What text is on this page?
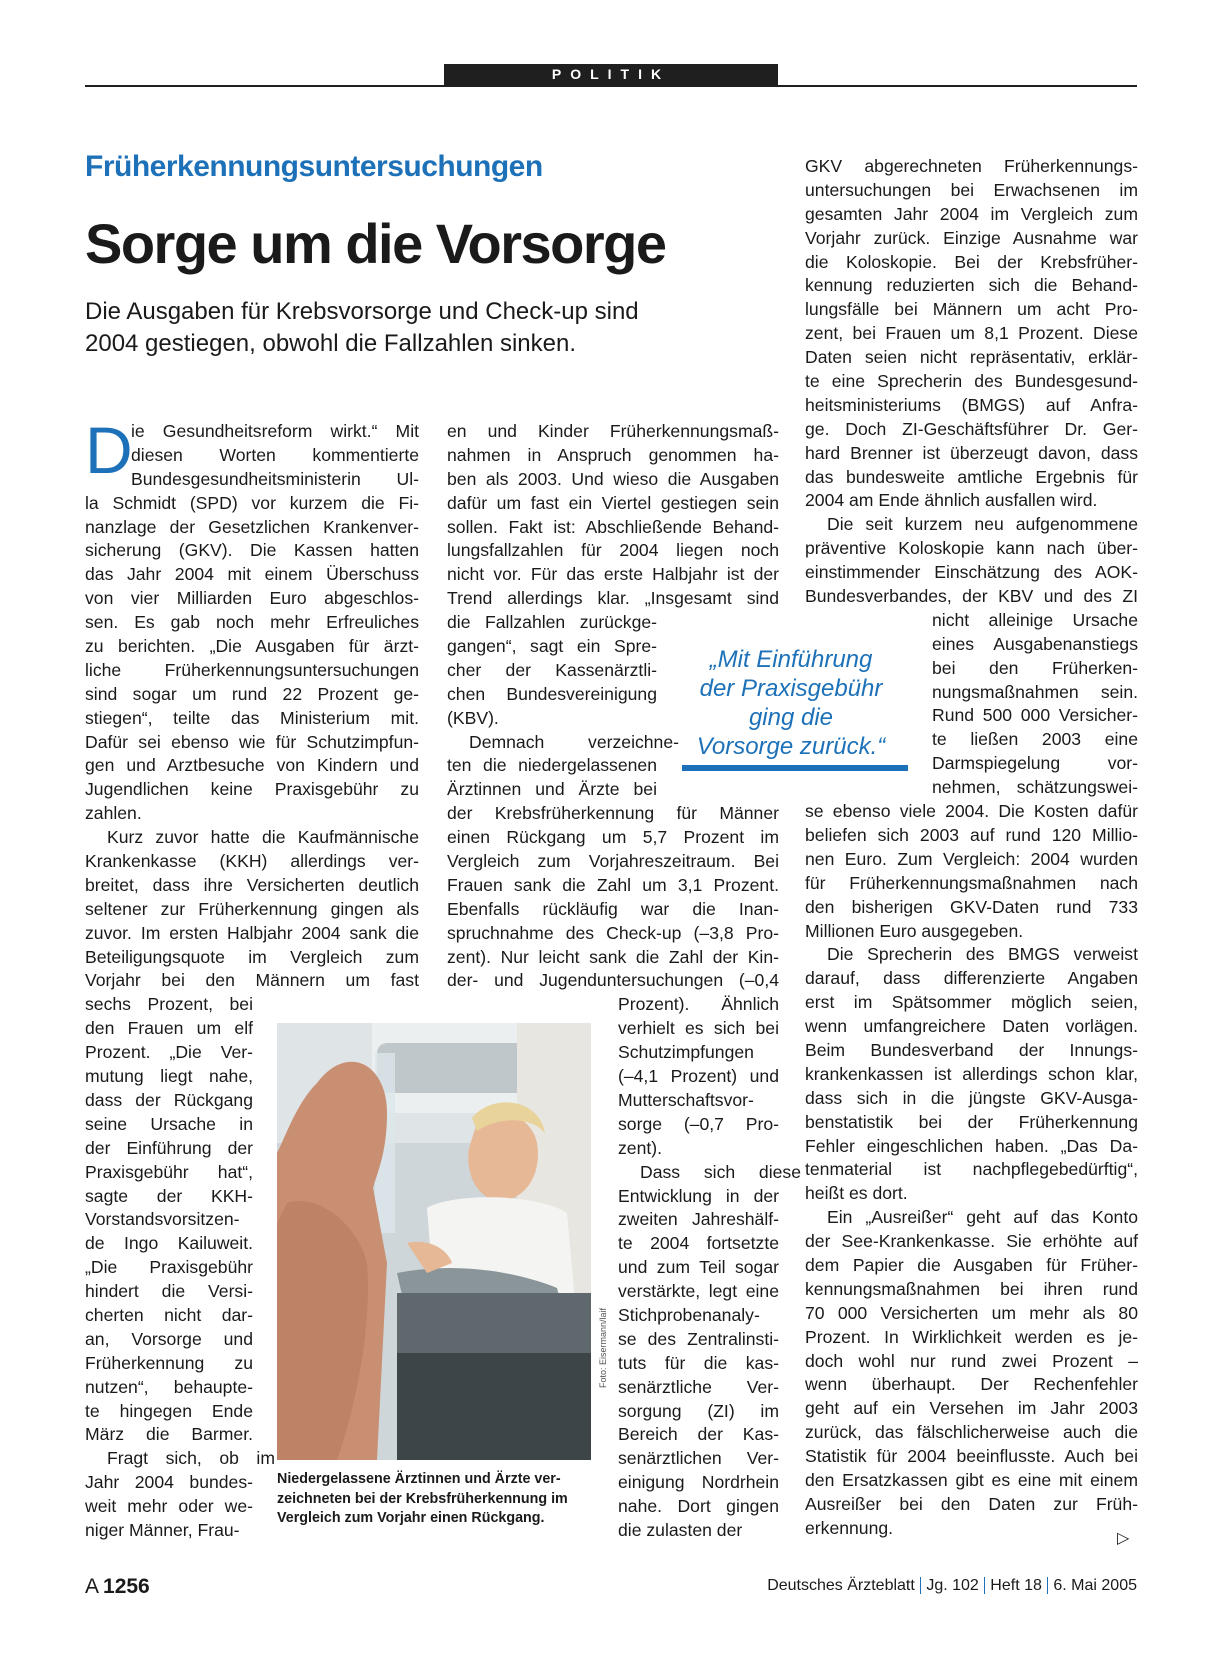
POLITIK
Früherkennungsuntersuchungen
Sorge um die Vorsorge
Die Ausgaben für Krebsvorsorge und Check-up sind
2004 gestiegen, obwohl die Fallzahlen sinken.
D
ie Gesundheitsreform wirkt.“ Mit
diesen Worten kommentierte
Bundesgesundheitsministerin Ul-
la Schmidt (SPD) vor kurzem die Fi-
nanzlage der Gesetzlichen Krankenver-
sicherung (GKV). Die Kassen hatten
das Jahr 2004 mit einem Überschuss
von vier Milliarden Euro abgeschlos-
sen. Es gab noch mehr Erfreuliches
zu berichten. „Die Ausgaben für ärzt-
liche Früherkennungsuntersuchungen
sind sogar um rund 22 Prozent ge-
stiegen“, teilte das Ministerium mit.
Dafür sei ebenso wie für Schutzimpfun-
gen und Arztbesuche von Kindern und
Jugendlichen keine Praxisgebühr zu
zahlen.
Kurz zuvor hatte die Kaufmännische
Krankenkasse (KKH) allerdings ver-
breitet, dass ihre Versicherten deutlich
seltener zur Früherkennung gingen als
zuvor. Im ersten Halbjahr 2004 sank die
Beteiligungsquote im Vergleich zum
Vorjahr bei den Männern um fast
sechs Prozent, bei
den Frauen um elf
Prozent. „Die Ver-
mutung liegt nahe,
dass der Rückgang
seine Ursache in
der Einführung der
Praxisgebühr hat“,
sagte der KKH-
Vorstandsvorsitzen-
de Ingo Kailuweit.
„Die Praxisgebühr
hindert die Versi-
cherten nicht dar-
an, Vorsorge und
Früherkennung zu
nutzen“, behaupte-
te hingegen Ende
März die Barmer.
Fragt sich, ob im
Jahr 2004 bundes-
weit mehr oder we-
niger Männer, Frau-
en und Kinder Früherkennungsmaß-
nahmen in Anspruch genommen ha-
ben als 2003. Und wieso die Ausgaben
dafür um fast ein Viertel gestiegen sein
sollen. Fakt ist: Abschließende Behand-
lungsfallzahlen für 2004 liegen noch
nicht vor. Für das erste Halbjahr ist der
Trend allerdings klar. „Insgesamt sind
die Fallzahlen zurückge-
gangen“, sagt ein Spre-
cher der Kassenärztli-
chen Bundesvereinigung
(KBV).
Demnach verzeichne-
ten die niedergelassenen
Ärztinnen und Ärzte bei
der Krebsfrüherkennung für Männer
einen Rückgang um 5,7 Prozent im
Vergleich zum Vorjahreszeitraum. Bei
Frauen sank die Zahl um 3,1 Prozent.
Ebenfalls rückläufig war die Inan-
spruchnahme des Check-up (–3,8 Pro-
zent). Nur leicht sank die Zahl der Kin-
der- und Jugenduntersuchungen (–0,4
Prozent). Ähnlich
verhielt es sich bei
Schutzimpfungen
(–4,1 Prozent) und
Mutterschaftsvor-
sorge (–0,7 Pro-
zent).
Dass sich diese
Entwicklung in der
zweiten Jahreshälf-
te 2004 fortsetzte
und zum Teil sogar
verstärkte, legt eine
Stichprobenanaly-
se des Zentralinsti-
tuts für die kas-
senärztliche Ver-
sorgung (ZI) im
Bereich der Kas-
senärztlichen Ver-
einigung Nordrhein
nahe. Dort gingen
die zulasten der
GKV abgerechneten Früherkennungs-
untersuchungen bei Erwachsenen im
gesamten Jahr 2004 im Vergleich zum
Vorjahr zurück. Einzige Ausnahme war
die Koloskopie. Bei der Krebsfrüher-
kennung reduzierten sich die Behand-
lungsfälle bei Männern um acht Pro-
zent, bei Frauen um 8,1 Prozent. Diese
Daten seien nicht repräsentativ, erklär-
te eine Sprecherin des Bundesgesund-
heitsministeriums (BMGS) auf Anfra-
ge. Doch ZI-Geschäftsführer Dr. Ger-
hard Brenner ist überzeugt davon, dass
das bundesweite amtliche Ergebnis für
2004 am Ende ähnlich ausfallen wird.
Die seit kurzem neu aufgenommene
präventive Koloskopie kann nach über-
einstimmender Einschätzung des AOK-
Bundesverbandes, der KBV und des ZI
nicht alleinige Ursache
eines Ausgabenanstiegs
bei den Früherken-
nungsmaßnahmen sein.
Rund 500 000 Versicher-
te ließen 2003 eine
Darmspiegelung vor-
nehmen, schätzungswei-
se ebenso viele 2004. Die Kosten dafür
beliefen sich 2003 auf rund 120 Millio-
nen Euro. Zum Vergleich: 2004 wurden
für Früherkennungsmaßnahmen nach
den bisherigen GKV-Daten rund 733
Millionen Euro ausgegeben.
Die Sprecherin des BMGS verweist
darauf, dass differenzierte Angaben
erst im Spätsommer möglich seien,
wenn umfangreichere Daten vorlägen.
Beim Bundesverband der Innungs-
krankenkassen ist allerdings schon klar,
dass sich in die jüngste GKV-Ausga-
benstatistik bei der Früherkennung
Fehler eingeschlichen haben. „Das Da-
tenmaterial ist nachpflegebedürftig“,
heißt es dort.
Ein „Ausreißer“ geht auf das Konto
der See-Krankenkasse. Sie erhöhte auf
dem Papier die Ausgaben für Früher-
kennungsmaßnahmen bei ihren rund
70 000 Versicherten um mehr als 80
Prozent. In Wirklichkeit werden es je-
doch wohl nur rund zwei Prozent –
wenn überhaupt. Der Rechenfehler
geht auf ein Versehen im Jahr 2003
zurück, das fälschlicherweise auch die
Statistik für 2004 beeinflusste. Auch bei
den Ersatzkassen gibt es eine mit einem
Ausreißer bei den Daten zur Früh-
erkennung.
„Mit Einführung
der Praxisgebühr
ging die
Vorsorge zurück.“
Foto: Eisermann/laif
Niedergelassene Ärztinnen und Ärzte ver-
zeichneten bei der Krebsfrüherkennung im
Vergleich zum Vorjahr einen Rückgang.
▷
A 1256	Deutsches Ärzteblatt Jg. 102 Heft 18 6. Mai 2005
